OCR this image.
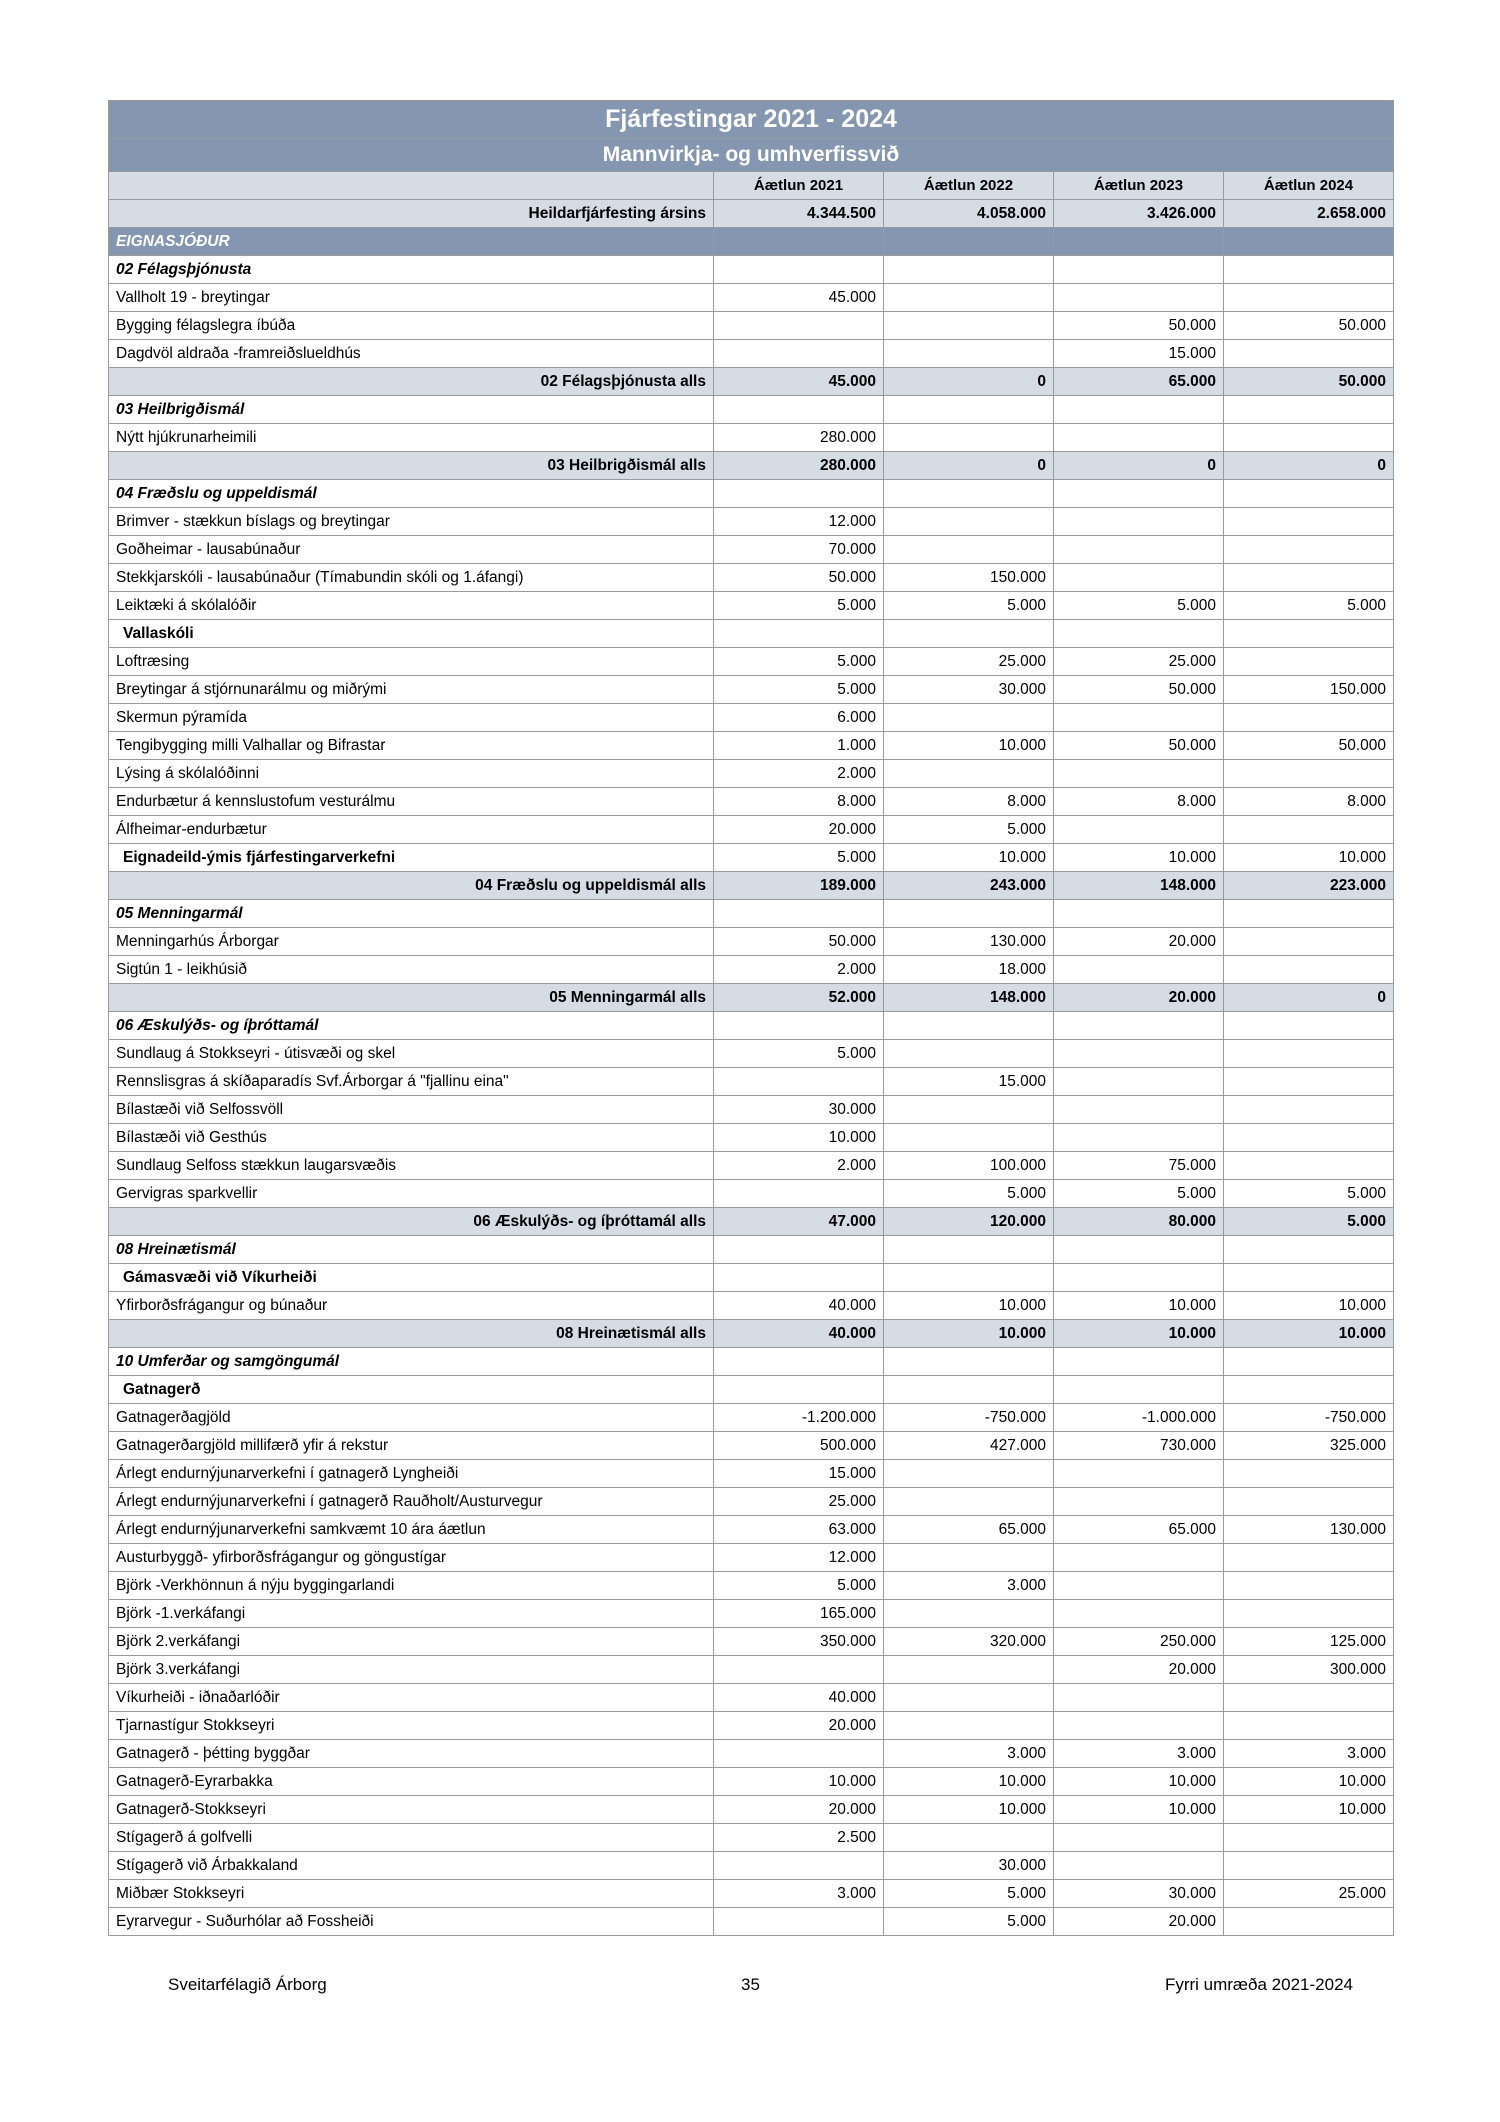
Fjárfestingar 2021 - 2024				
Mannvirkja- og umhverfissvið				
	Áætlun 2021	Áætlun 2022	Áætlun 2023	Áætlun 2024
Heildarfjárfesting ársins	4.344.500	4.058.000	3.426.000	2.658.000
EIGNASJÓÐUR				
02 Félagsþjónusta				
Vallholt 19 - breytingar	45.000			
Bygging félagslegra íbúða			50.000	50.000
Dagdvöl aldraða -framreiðslueldhús			15.000	
02 Félagsþjónusta alls	45.000	0	65.000	50.000
03 Heilbrigðismál				
Nýtt hjúkrunarheimili	280.000			
03 Heilbrigðismál alls	280.000	0	0	0
04 Fræðslu og uppeldismál				
Brimver - stækkun bíslags og breytingar	12.000			
Goðheimar - lausabúnaður	70.000			
Stekkjarskóli - lausabúnaður (Tímabundin skóli og 1.áfangi)	50.000	150.000		
Leiktæki á skólalóðir	5.000	5.000	5.000	5.000
Vallaskóli				
Loftræsing	5.000	25.000	25.000	
Breytingar á stjórnunarálmu og miðrými	5.000	30.000	50.000	150.000
Skermun pýramída	6.000			
Tengibygging milli Valhallar og Bifrastar	1.000	10.000	50.000	50.000
Lýsing á skólalóðinni	2.000			
Endurbætur á kennslustofum vesturálmu	8.000	8.000	8.000	8.000
Álfheimar-endurbætur	20.000	5.000		
Eignadeild-ýmis fjárfestingarverkefni	5.000	10.000	10.000	10.000
04 Fræðslu og uppeldismál alls	189.000	243.000	148.000	223.000
05 Menningarmál				
Menningarhús Árborgar	50.000	130.000	20.000	
Sigtún 1 - leikhúsið	2.000	18.000		
05 Menningarmál alls	52.000	148.000	20.000	0
06 Æskulýðs- og íþróttamál				
Sundlaug á Stokkseyri - útisvæði og skel	5.000			
Rennslisgras á skíðaparadís Svf.Árborgar á "fjallinu eina"		15.000		
Bílastæði við Selfossvöll	30.000			
Bílastæði við Gesthús	10.000			
Sundlaug Selfoss stækkun laugarsvæðis	2.000	100.000	75.000	
Gervigras sparkvellir		5.000	5.000	5.000
06 Æskulýðs- og íþróttamál alls	47.000	120.000	80.000	5.000
08 Hreinætismál				
Gámasvæði við Víkurheiði				
Yfirborðsfrágangur og búnaður	40.000	10.000	10.000	10.000
08 Hreinætismál alls	40.000	10.000	10.000	10.000
10 Umferðar og samgöngumál				
Gatnagerð				
Gatnagerðagjöld	-1.200.000	-750.000	-1.000.000	-750.000
Gatnagerðargjöld millifærð yfir á rekstur	500.000	427.000	730.000	325.000
Árlegt endurnýjunarverkefni í gatnagerð Lyngheiði	15.000			
Árlegt endurnýjunarverkefni í gatnagerð Rauðholt/Austurvegur	25.000			
Árlegt endurnýjunarverkefni samkvæmt 10 ára áætlun	63.000	65.000	65.000	130.000
Austurbyggð- yfirborðsfrágangur og göngustígar	12.000			
Björk -Verkhönnun á nýju byggingarlandi	5.000	3.000		
Björk -1.verkáfangi	165.000			
Björk 2.verkáfangi	350.000	320.000	250.000	125.000
Björk 3.verkáfangi			20.000	300.000
Víkurheiði - iðnaðarlóðir	40.000			
Tjarnastígur Stokkseyri	20.000			
Gatnagerð - þétting byggðar		3.000	3.000	3.000
Gatnagerð-Eyrarbakka	10.000	10.000	10.000	10.000
Gatnagerð-Stokkseyri	20.000	10.000	10.000	10.000
Stígagerð á golfvelli	2.500			
Stígagerð við Árbakkaland		30.000		
Miðbær Stokkseyri	3.000	5.000	30.000	25.000
Eyrarvegur - Suðurhólar að Fossheiði		5.000	20.000	
Sveitarfélagið Árborg	35	Fyrri umræða 2021-2024
